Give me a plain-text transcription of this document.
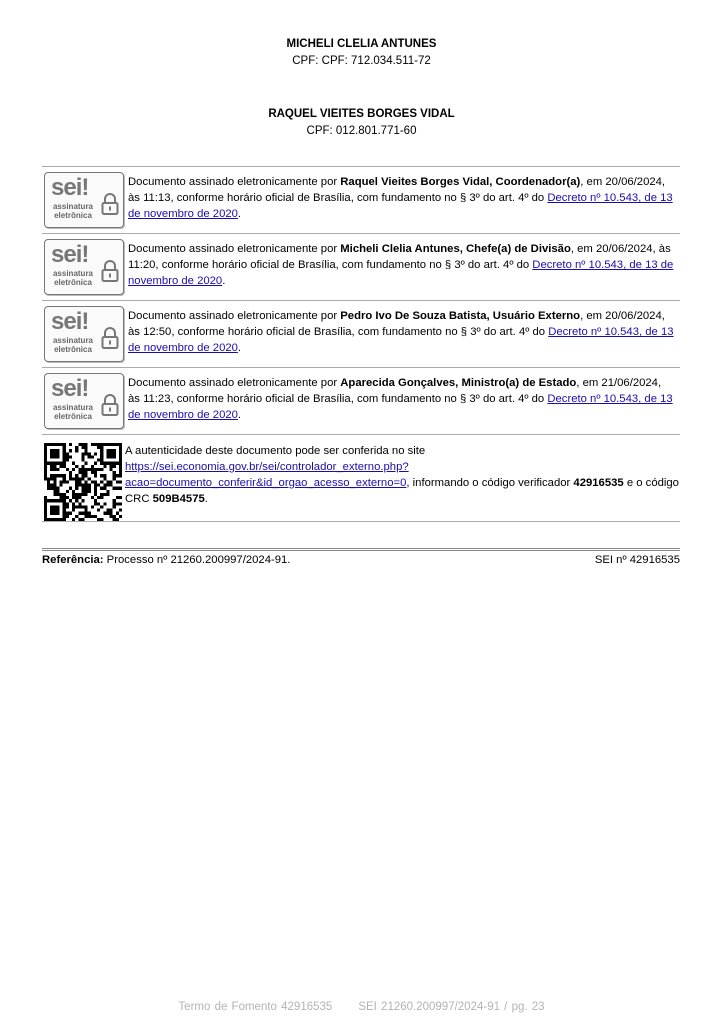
MICHELI CLELIA ANTUNES
CPF: CPF: 712.034.511-72
RAQUEL VIEITES BORGES VIDAL
CPF: 012.801.771-60
sei!
assinatura
eletrônica
Documento assinado eletronicamente por Raquel Vieites Borges Vidal, Coordenador(a), em 20/06/2024, às 11:13, conforme horário oficial de Brasília, com fundamento no § 3º do art. 4º do Decreto nº 10.543, de 13 de novembro de 2020.
sei!
assinatura
eletrônica
Documento assinado eletronicamente por Micheli Clelia Antunes, Chefe(a) de Divisão, em 20/06/2024, às 11:20, conforme horário oficial de Brasília, com fundamento no § 3º do art. 4º do Decreto nº 10.543, de 13 de novembro de 2020.
sei!
assinatura
eletrônica
Documento assinado eletronicamente por Pedro Ivo De Souza Batista, Usuário Externo, em 20/06/2024, às 12:50, conforme horário oficial de Brasília, com fundamento no § 3º do art. 4º do Decreto nº 10.543, de 13 de novembro de 2020.
sei!
assinatura
eletrônica
Documento assinado eletronicamente por Aparecida Gonçalves, Ministro(a) de Estado, em 21/06/2024, às 11:23, conforme horário oficial de Brasília, com fundamento no § 3º do art. 4º do Decreto nº 10.543, de 13 de novembro de 2020.
A autenticidade deste documento pode ser conferida no site https://sei.economia.gov.br/sei/controlador_externo.php? acao=documento_conferir&id_orgao_acesso_externo=0, informando o código verificador 42916535 e o código CRC 509B4575.
Referência: Processo nº 21260.200997/2024-91.	SEI nº 42916535
Termo de Fomento 42916535 SEI 21260.200997/2024-91 / pg. 23
